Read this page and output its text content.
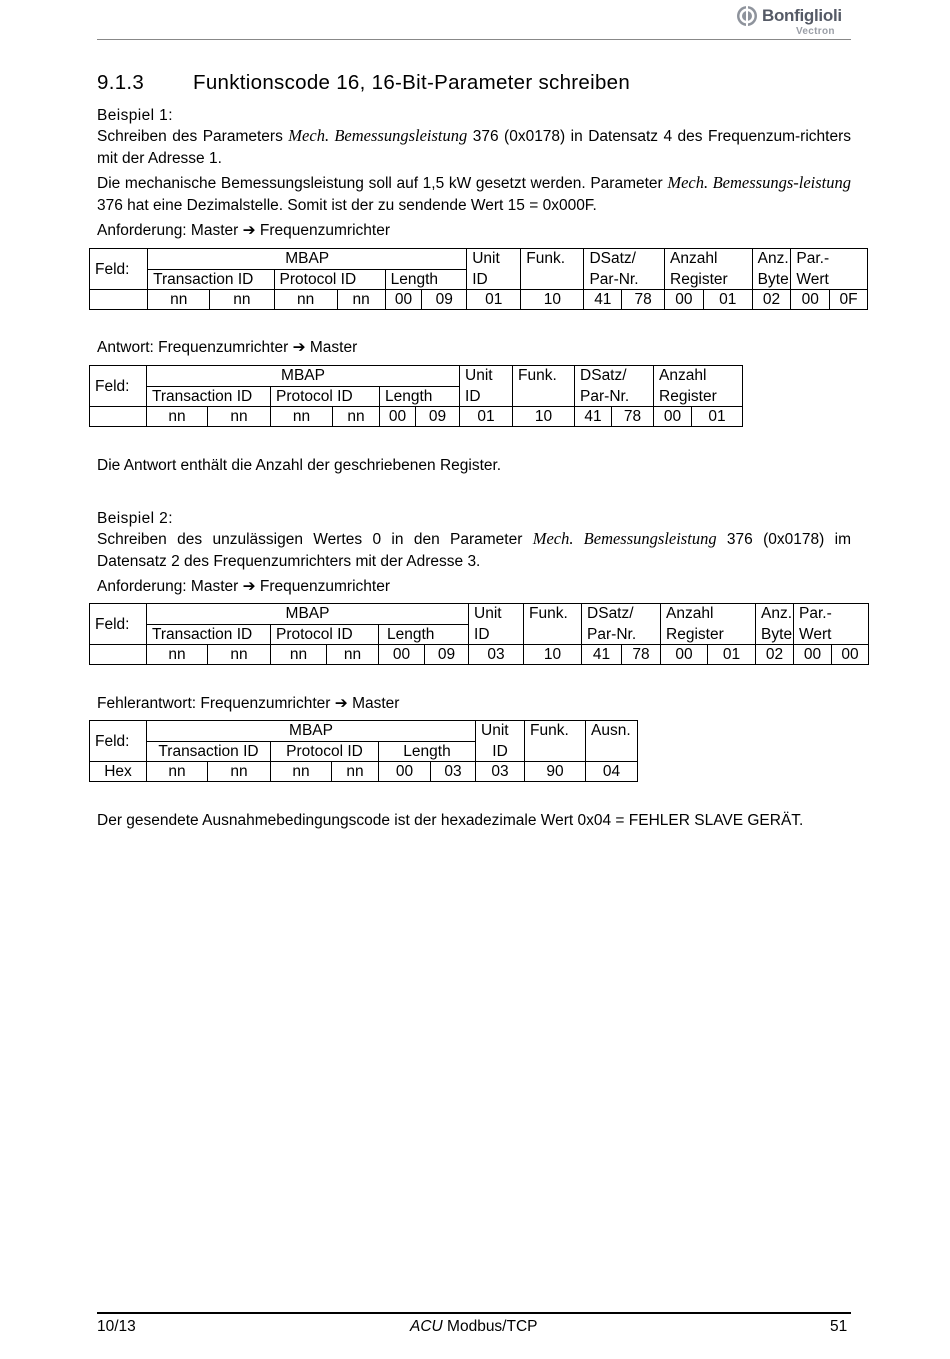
Bonfiglioli
Vectron
9.1.3 Funktionscode 16, 16-Bit-Parameter schreiben
Beispiel 1:
Schreiben des Parameters Mech. Bemessungsleistung 376 (0x0178) in Datensatz 4 des Frequenzum-richters mit der Adresse 1.
Die mechanische Bemessungsleistung soll auf 1,5 kW gesetzt werden. Parameter Mech. Bemessungs-leistung 376 hat eine Dezimalstelle. Somit ist der zu sendende Wert 15 = 0x000F.
Anforderung: Master ➔ Frequenzumrichter
Feld:	MBAP						Unit	Funk.	DSatz/		Anzahl		Anz.	Par.-	
	Transaction ID		Protocol ID		Length		ID		Par-Nr.		Register		Byte	Wert	
	nn	nn	nn	nn	00	09	01	10	41	78	00	01	02	00	0F
Antwort: Frequenzumrichter ➔ Master
Feld:	MBAP						Unit	Funk.	DSatz/		Anzahl	
	Transaction ID		Protocol ID		Length		ID		Par-Nr.		Register	
	nn	nn	nn	nn	00	09	01	10	41	78	00	01
Die Antwort enthält die Anzahl der geschriebenen Register.
Beispiel 2:
Schreiben des unzulässigen Wertes 0 in den Parameter Mech. Bemessungsleistung 376 (0x0178) im Datensatz 2 des Frequenzumrichters mit der Adresse 3.
Anforderung: Master ➔ Frequenzumrichter
Feld:	MBAP						Unit	Funk.	DSatz/		Anzahl		Anz.	Par.-	
	Transaction ID		Protocol ID		Length		ID		Par-Nr.		Register		Byte	Wert	
	nn	nn	nn	nn	00	09	03	10	41	78	00	01	02	00	00
Fehlerantwort: Frequenzumrichter ➔ Master
Feld:	MBAP						Unit	Funk.	Ausn.
	Transaction ID		Protocol ID		Length		ID		
Hex	nn	nn	nn	nn	00	03	03	90	04
Der gesendete Ausnahmebedingungscode ist der hexadezimale Wert 0x04 = FEHLER SLAVE GERÄT.
10/13	ACU Modbus/TCP	51
